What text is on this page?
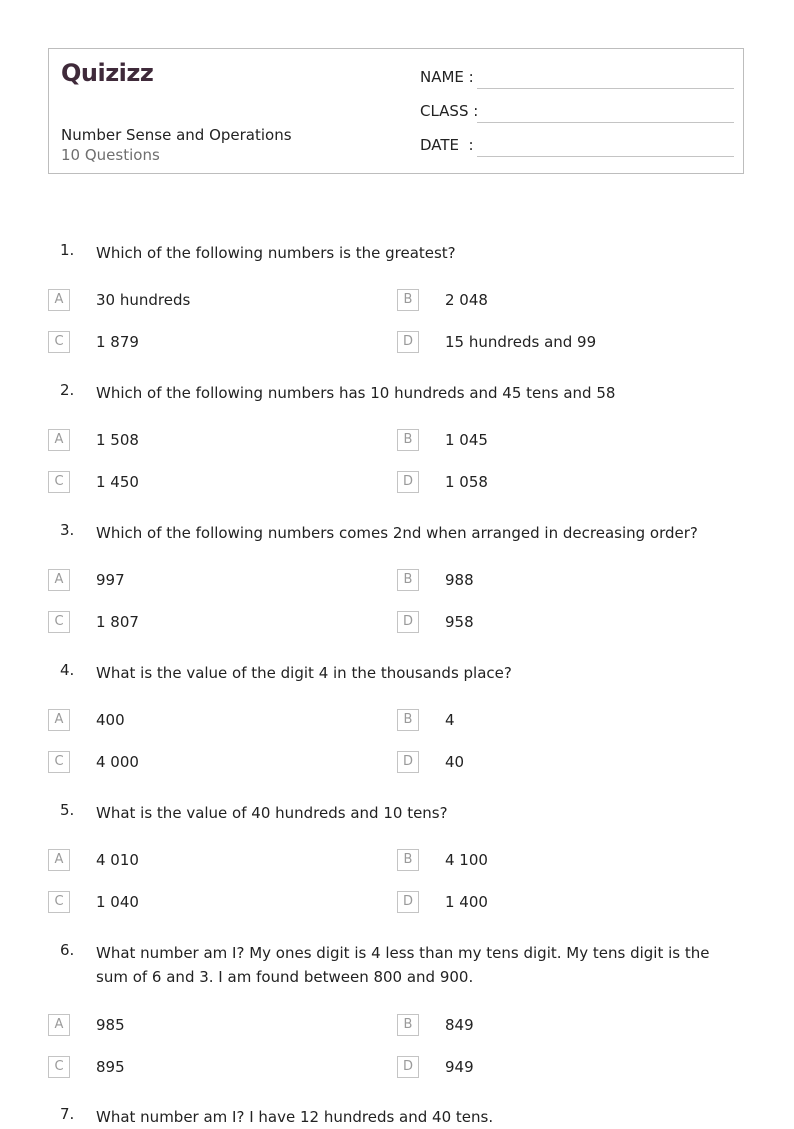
Quizizz
Number Sense and Operations
10 Questions
NAME :
CLASS :
DATE  :
1. Which of the following numbers is the greatest?
A	30 hundreds	B	2 048
C	1 879	D	15 hundreds and 99
2. Which of the following numbers has 10 hundreds and 45 tens and 58
A	1 508	B	1 045
C	1 450	D	1 058
3. Which of the following numbers comes 2nd when arranged in decreasing order?
A	997	B	988
C	1 807	D	958
4. What is the value of the digit 4 in the thousands place?
A	400	B	4
C	4 000	D	40
5. What is the value of 40 hundreds and 10 tens?
A	4 010	B	4 100
C	1 040	D	1 400
6. What number am I? My ones digit is 4 less than my tens digit. My tens digit is the sum of 6 and 3. I am found between 800 and 900.
A	985	B	849
C	895	D	949
7. What number am I? I have 12 hundreds and 40 tens.
